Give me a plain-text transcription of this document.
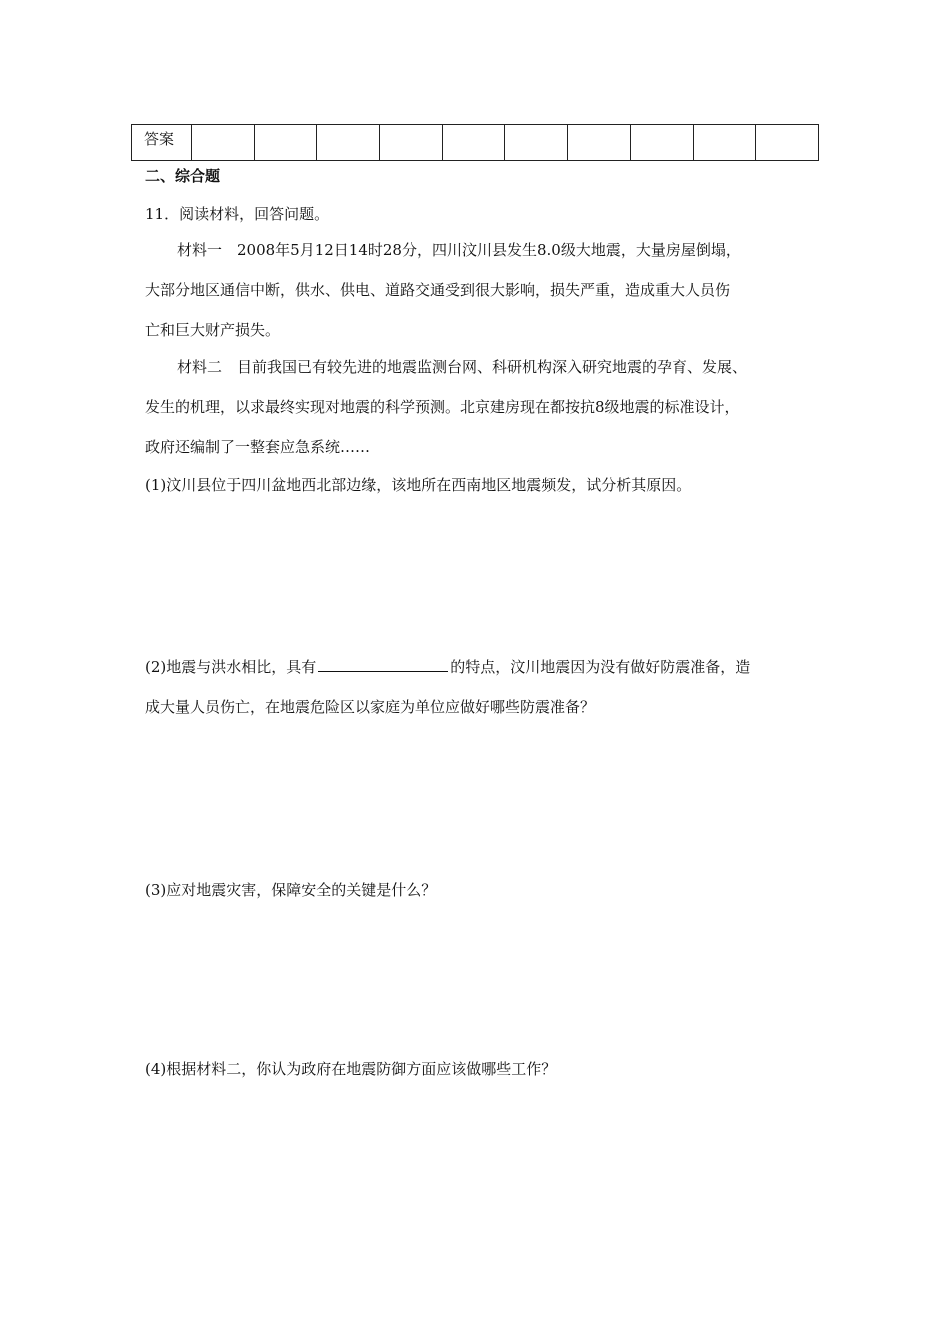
答案										
二、综合题
11．阅读材料，回答问题。
材料一　2008年5月12日14时28分，四川汶川县发生8.0级大地震，大量房屋倒塌，
大部分地区通信中断，供水、供电、道路交通受到很大影响，损失严重，造成重大人员伤
亡和巨大财产损失。
材料二　目前我国已有较先进的地震监测台网、科研机构深入研究地震的孕育、发展、
发生的机理，以求最终实现对地震的科学预测。北京建房现在都按抗8级地震的标准设计，
政府还编制了一整套应急系统……
(1)汶川县位于四川盆地西北部边缘，该地所在西南地区地震频发，试分析其原因。
(2)地震与洪水相比，具有	的特点，汶川地震因为没有做好防震准备，造
成大量人员伤亡，在地震危险区以家庭为单位应做好哪些防震准备？
(3)应对地震灾害，保障安全的关键是什么？
(4)根据材料二，你认为政府在地震防御方面应该做哪些工作？
